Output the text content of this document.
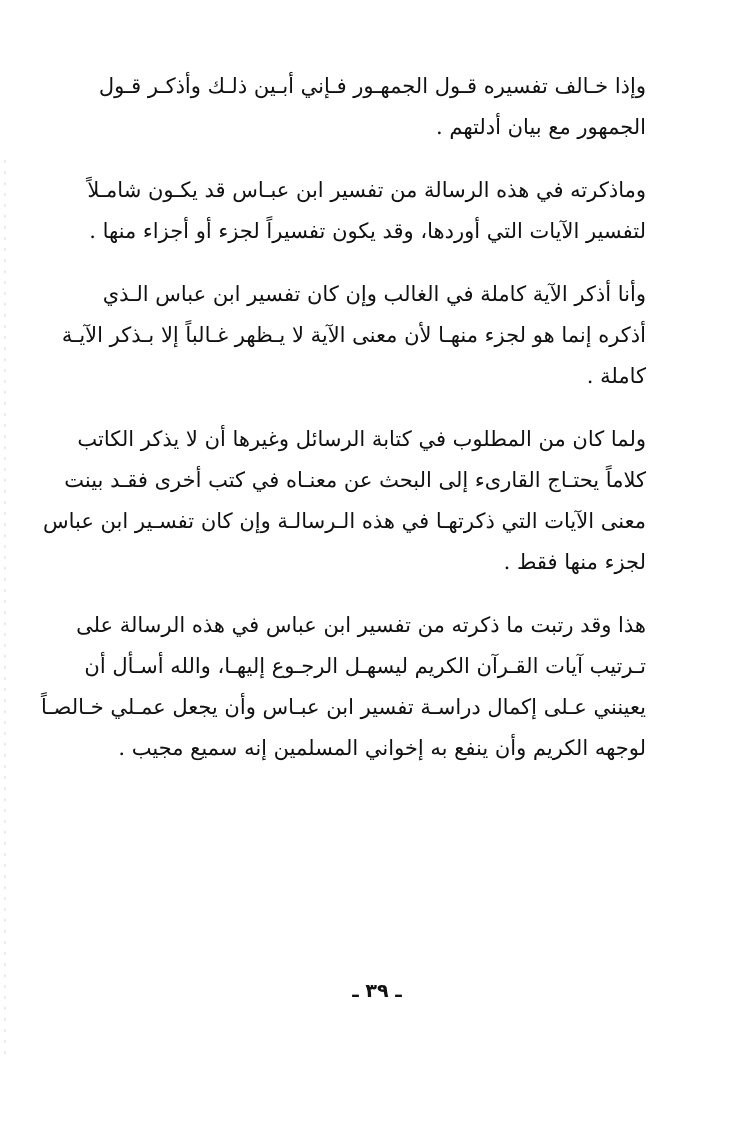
وإذا خـالف تفسيره قـول الجمهـور فـإني أبـين ذلـك وأذكـر قـول
الجمهور مع بيان أدلتهم .
وماذكرته في هذه الرسالة من تفسير ابن عبـاس قد يكـون شامـلاً
لتفسير الآيات التي أوردها، وقد يكون تفسيراً لجزء أو أجزاء منها .
وأنا أذكر الآية كاملة في الغالب وإن كان تفسير ابن عباس الـذي
أذكره إنما هو لجزء منهـا لأن معنى الآية لا يـظهر غـالباً إلا بـذكر الآيـة
كاملة .
ولما كان من المطلوب في كتابة الرسائل وغيرها أن لا يذكر الكاتب
كلاماً يحتـاج القارىء إلى البحث عن معنـاه في كتب أخرى فقـد بينت
معنى الآيات التي ذكرتهـا في هذه الـرسالـة وإن كان تفسـير ابن عباس
لجزء منها فقط .
هذا وقد رتبت ما ذكرته من تفسير ابن عباس في هذه الرسالة على
تـرتيب آيات القـرآن الكريم ليسهـل الرجـوع إليهـا، والله أسـأل أن
يعينني عـلى إكمال دراسـة تفسير ابن عبـاس وأن يجعل عمـلي خـالصـاً
لوجهه الكريم وأن ينفع به إخواني المسلمين إنه سميع مجيب .
ـ ٣٩ ـ
